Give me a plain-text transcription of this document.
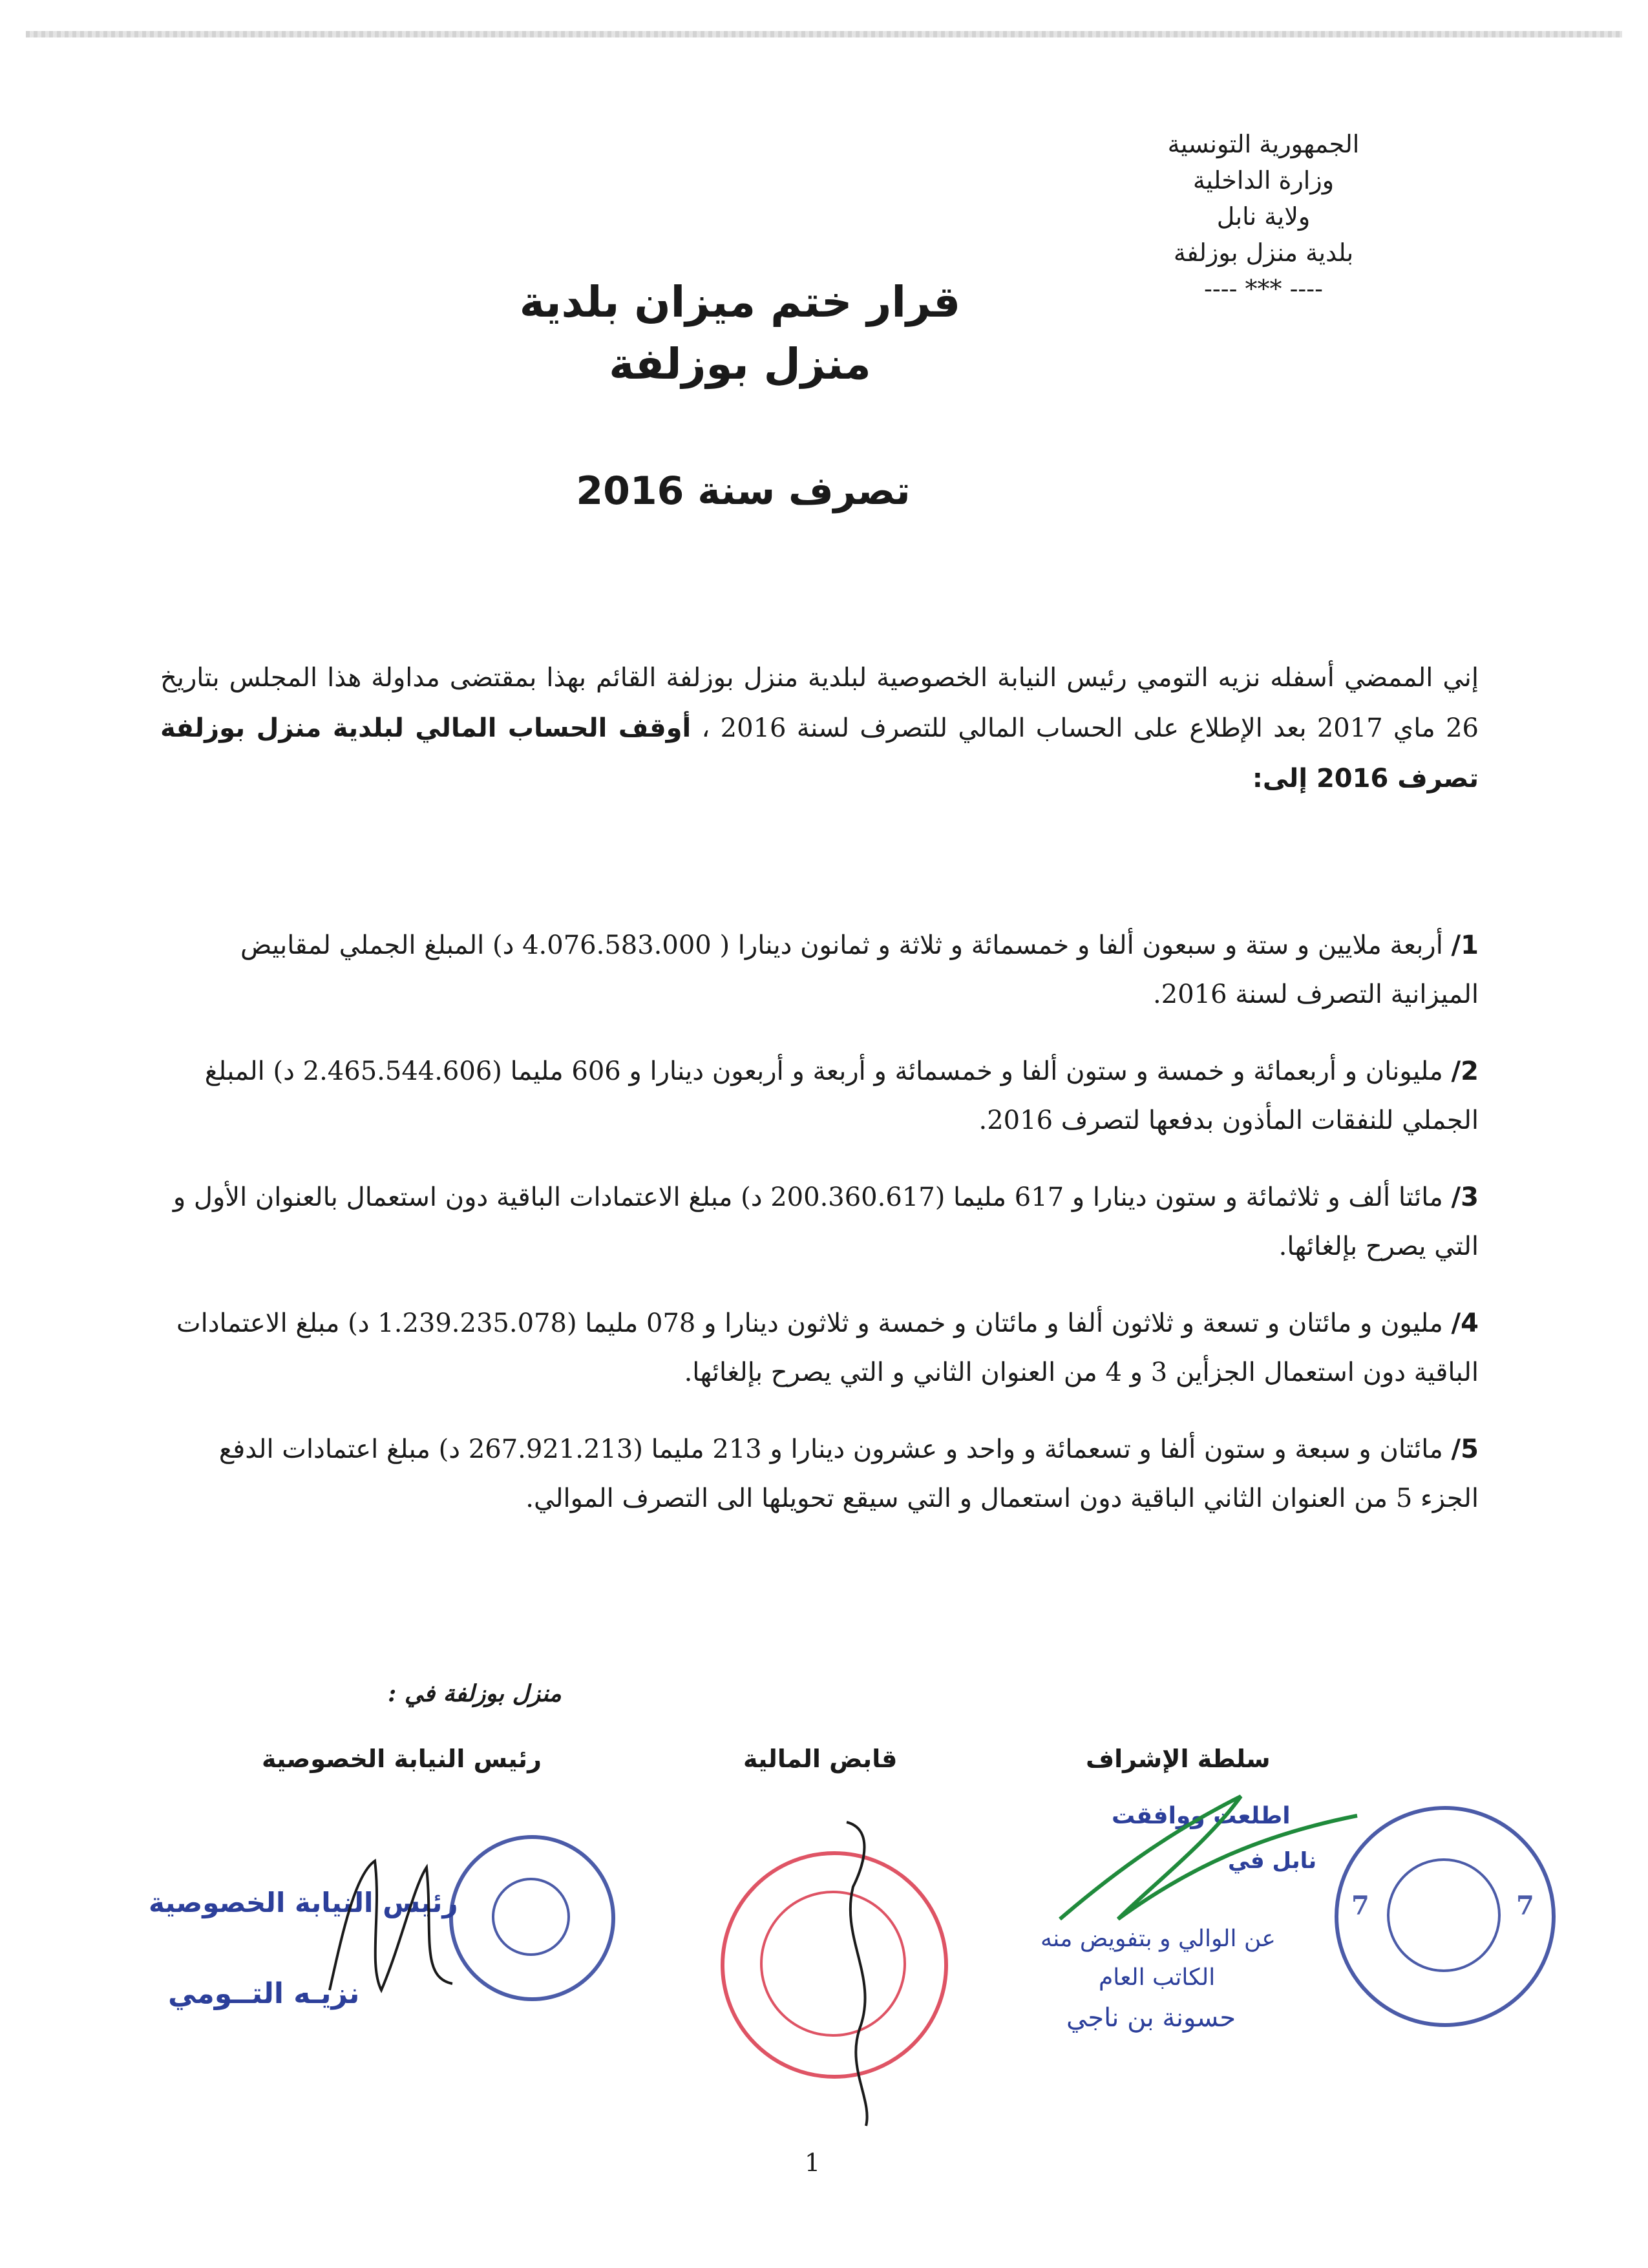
الجمهورية التونسية
وزارة الداخلية
ولاية نابل
بلدية منزل بوزلفة
---- *** ----
قرار ختم ميزان بلدية
منزل بوزلفة
تصرف سنة 2016
إني الممضي أسفله نزيه التومي رئيس النيابة الخصوصية لبلدية منزل بوزلفة القائم بهذا بمقتضى مداولة هذا المجلس بتاريخ 26 ماي 2017 بعد الإطلاع على الحساب المالي للتصرف لسنة 2016 ، أوقف الحساب المالي لبلدية منزل بوزلفة تصرف 2016 إلى:
1/ أربعة ملايين و ستة و سبعون ألفا و خمسمائة و ثلاثة و ثمانون دينارا ( 4.076.583.000 د) المبلغ الجملي لمقابيض الميزانية التصرف لسنة 2016.
2/ مليونان و أربعمائة و خمسة و ستون ألفا و خمسمائة و أربعة و أربعون دينارا و 606 مليما (2.465.544.606 د) المبلغ الجملي للنفقات المأذون بدفعها لتصرف 2016.
3/ مائتا ألف و ثلاثمائة و ستون دينارا و 617 مليما (200.360.617 د) مبلغ الاعتمادات الباقية دون استعمال بالعنوان الأول و التي يصرح بإلغائها.
4/ مليون و مائتان و تسعة و ثلاثون ألفا و مائتان و خمسة و ثلاثون دينارا و 078 مليما (1.239.235.078 د) مبلغ الاعتمادات الباقية دون استعمال الجزأين 3 و 4 من العنوان الثاني و التي يصرح بإلغائها.
5/ مائتان و سبعة و ستون ألفا و تسعمائة و واحد و عشرون دينارا و 213 مليما (267.921.213 د) مبلغ اعتمادات الدفع الجزء 5 من العنوان الثاني الباقية دون استعمال و التي سيقع تحويلها الى التصرف الموالي.
منزل بوزلفة في :
سلطة الإشراف
قابض المالية
رئيس النيابة الخصوصية
رئيس النيابة الخصوصية
نزيـه التــومي
7	7
اطلعت ووافقت
نابل في
عن الوالي و بتفويض منه
الكاتب العام
حسونة بن ناجي
1
